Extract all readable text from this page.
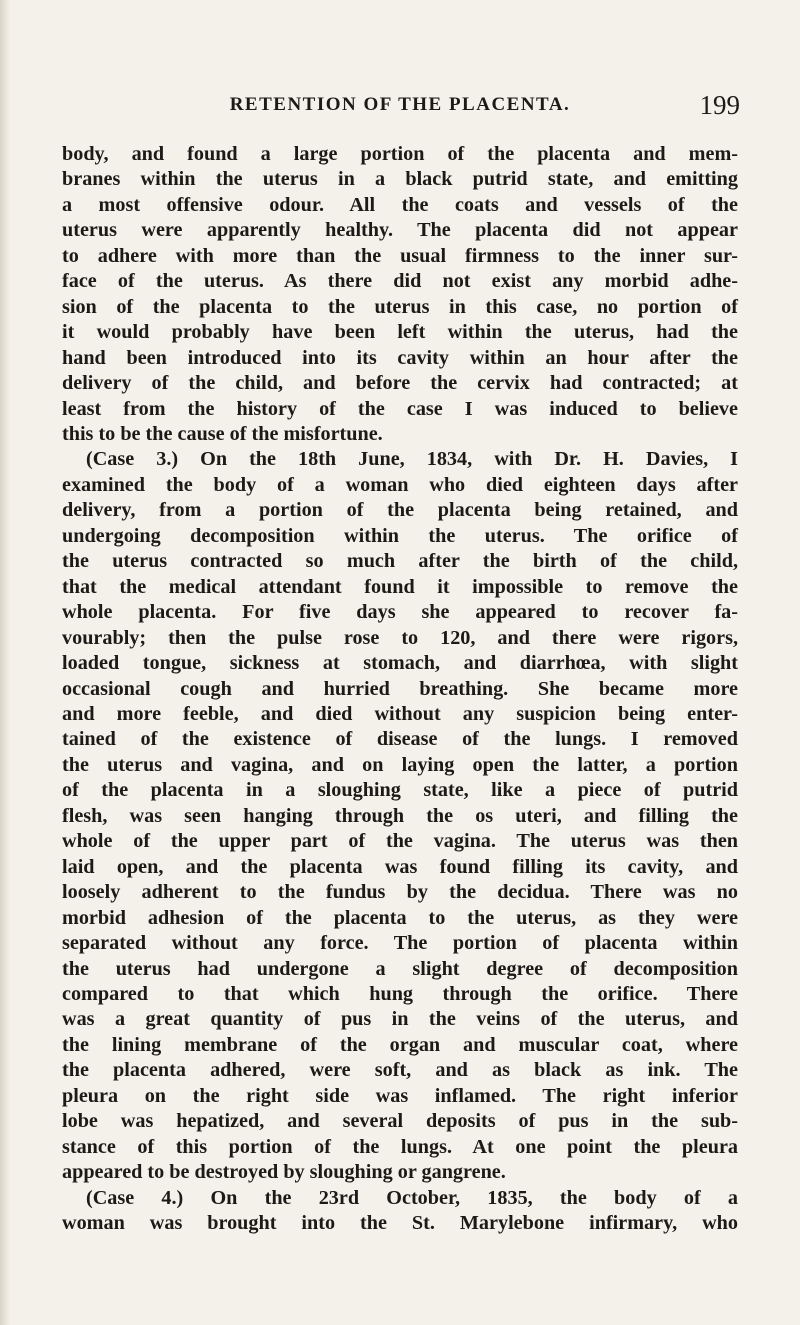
RETENTION OF THE PLACENTA.	199
body, and found a large portion of the placenta and mem-
branes within the uterus in a black putrid state, and emitting
a most offensive odour. All the coats and vessels of the
uterus were apparently healthy. The placenta did not appear
to adhere with more than the usual firmness to the inner sur-
face of the uterus. As there did not exist any morbid adhe-
sion of the placenta to the uterus in this case, no portion of
it would probably have been left within the uterus, had the
hand been introduced into its cavity within an hour after the
delivery of the child, and before the cervix had contracted; at
least from the history of the case I was induced to believe
this to be the cause of the misfortune.
(Case 3.) On the 18th June, 1834, with Dr. H. Davies, I
examined the body of a woman who died eighteen days after
delivery, from a portion of the placenta being retained, and
undergoing decomposition within the uterus. The orifice of
the uterus contracted so much after the birth of the child,
that the medical attendant found it impossible to remove the
whole placenta. For five days she appeared to recover fa-
vourably; then the pulse rose to 120, and there were rigors,
loaded tongue, sickness at stomach, and diarrhœa, with slight
occasional cough and hurried breathing. She became more
and more feeble, and died without any suspicion being enter-
tained of the existence of disease of the lungs. I removed
the uterus and vagina, and on laying open the latter, a portion
of the placenta in a sloughing state, like a piece of putrid
flesh, was seen hanging through the os uteri, and filling the
whole of the upper part of the vagina. The uterus was then
laid open, and the placenta was found filling its cavity, and
loosely adherent to the fundus by the decidua. There was no
morbid adhesion of the placenta to the uterus, as they were
separated without any force. The portion of placenta within
the uterus had undergone a slight degree of decomposition
compared to that which hung through the orifice. There
was a great quantity of pus in the veins of the uterus, and
the lining membrane of the organ and muscular coat, where
the placenta adhered, were soft, and as black as ink. The
pleura on the right side was inflamed. The right inferior
lobe was hepatized, and several deposits of pus in the sub-
stance of this portion of the lungs. At one point the pleura
appeared to be destroyed by sloughing or gangrene.
(Case 4.) On the 23rd October, 1835, the body of a
woman was brought into the St. Marylebone infirmary, who
